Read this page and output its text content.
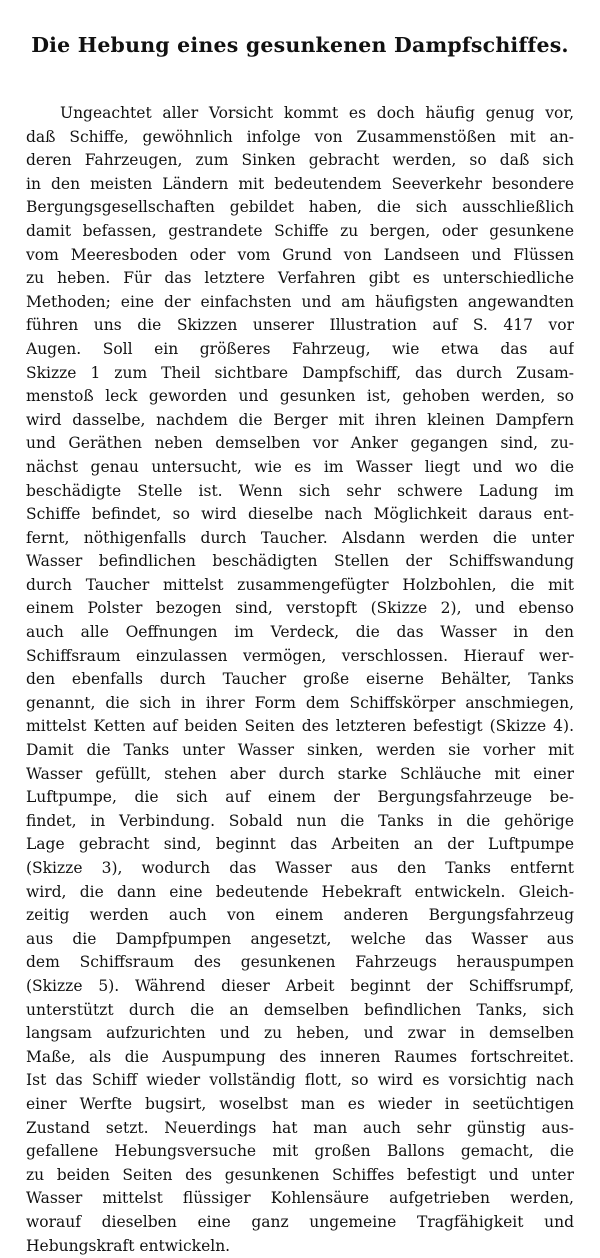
Die Hebung eines gesunkenen Dampfschiffes.
Ungeachtet aller Vorsicht kommt es doch häufig genug vor,
daß Schiffe, gewöhnlich infolge von Zusammenstößen mit an-
deren Fahrzeugen, zum Sinken gebracht werden, so daß sich
in den meisten Ländern mit bedeutendem Seeverkehr besondere
Bergungsgesellschaften gebildet haben, die sich ausschließlich
damit befassen, gestrandete Schiffe zu bergen, oder gesunkene
vom Meeresboden oder vom Grund von Landseen und Flüssen
zu heben. Für das letztere Verfahren gibt es unterschiedliche
Methoden; eine der einfachsten und am häufigsten angewandten
führen uns die Skizzen unserer Illustration auf S. 417 vor
Augen. Soll ein größeres Fahrzeug, wie etwa das auf
Skizze 1 zum Theil sichtbare Dampfschiff, das durch Zusam-
menstoß leck geworden und gesunken ist, gehoben werden, so
wird dasselbe, nachdem die Berger mit ihren kleinen Dampfern
und Geräthen neben demselben vor Anker gegangen sind, zu-
nächst genau untersucht, wie es im Wasser liegt und wo die
beschädigte Stelle ist. Wenn sich sehr schwere Ladung im
Schiffe befindet, so wird dieselbe nach Möglichkeit daraus ent-
fernt, nöthigenfalls durch Taucher. Alsdann werden die unter
Wasser befindlichen beschädigten Stellen der Schiffswandung
durch Taucher mittelst zusammengefügter Holzbohlen, die mit
einem Polster bezogen sind, verstopft (Skizze 2), und ebenso
auch alle Oeffnungen im Verdeck, die das Wasser in den
Schiffsraum einzulassen vermögen, verschlossen. Hierauf wer-
den ebenfalls durch Taucher große eiserne Behälter, Tanks
genannt, die sich in ihrer Form dem Schiffskörper anschmiegen,
mittelst Ketten auf beiden Seiten des letzteren befestigt (Skizze 4).
Damit die Tanks unter Wasser sinken, werden sie vorher mit
Wasser gefüllt, stehen aber durch starke Schläuche mit einer
Luftpumpe, die sich auf einem der Bergungsfahrzeuge be-
findet, in Verbindung. Sobald nun die Tanks in die gehörige
Lage gebracht sind, beginnt das Arbeiten an der Luftpumpe
(Skizze 3), wodurch das Wasser aus den Tanks entfernt
wird, die dann eine bedeutende Hebekraft entwickeln. Gleich-
zeitig werden auch von einem anderen Bergungsfahrzeug
aus die Dampfpumpen angesetzt, welche das Wasser aus
dem Schiffsraum des gesunkenen Fahrzeugs herauspumpen
(Skizze 5). Während dieser Arbeit beginnt der Schiffsrumpf,
unterstützt durch die an demselben befindlichen Tanks, sich
langsam aufzurichten und zu heben, und zwar in demselben
Maße, als die Auspumpung des inneren Raumes fortschreitet.
Ist das Schiff wieder vollständig flott, so wird es vorsichtig nach
einer Werfte bugsirt, woselbst man es wieder in seetüchtigen
Zustand setzt. Neuerdings hat man auch sehr günstig aus-
gefallene Hebungsversuche mit großen Ballons gemacht, die
zu beiden Seiten des gesunkenen Schiffes befestigt und unter
Wasser mittelst flüssiger Kohlensäure aufgetrieben werden,
worauf dieselben eine ganz ungemeine Tragfähigkeit und
Hebungskraft entwickeln.
